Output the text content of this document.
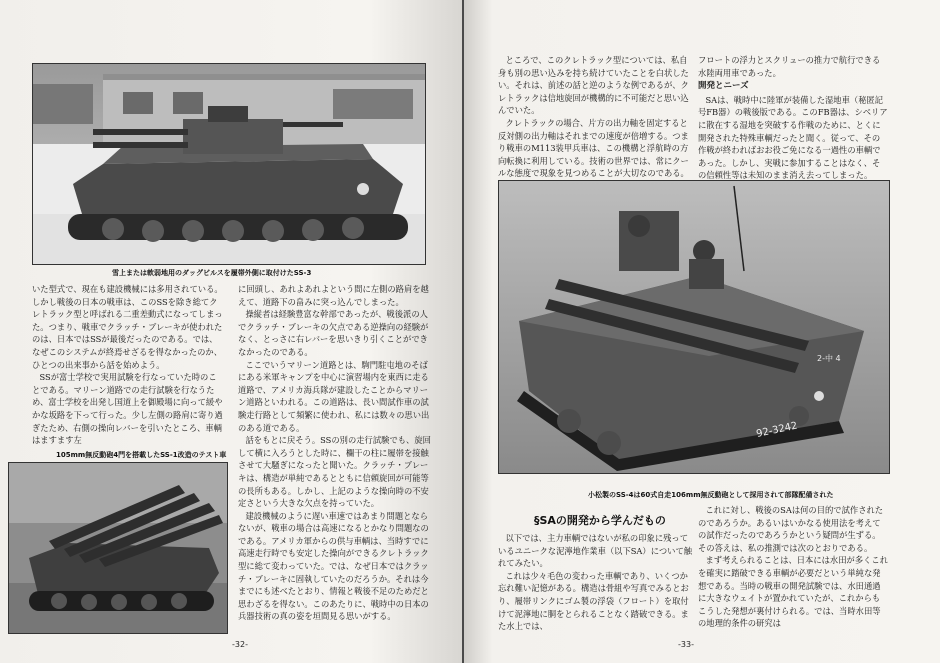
雪上または軟弱地用のダッグビルスを履帯外側に取付けたSS-3

いた型式で、現在も建設機械には多用されている。しかし戦後の日本の戦車は、このSSを除き総てクレトラック型と呼ばれる二重差動式になってしまった。つまり、戦車でクラッチ・ブレーキが使われたのは、日本ではSSが最後だったのである。では、なぜこのシステムが終焉せざるを得なかったのか、ひとつの出来事から話を始めよう。

SSが富士学校で実用試験を行なっていた時のことである。マリーン道路での走行試験を行なうため、富士学校を出発し国道上を御殿場に向って緩やかな坂路を下って行った。少し左側の路肩に寄り過ぎたため、右側の操向レバーを引いたところ、車輌はますます左

105mm無反動砲4門を搭載したSS-1改造のテスト車

に回頭し、あれよあれよという間に左側の路肩を越えて、道路下の畠みに突っ込んでしまった。

操縦者は経験豊富な幹部であったが、戦後派の人でクラッチ・ブレーキの欠点である逆操向の経験がなく、とっさに右レバーを思いきり引くことができなかったのである。

ここでいうマリーン道路とは、駒門駐屯地のそばにある米軍キャンプを中心に演習場内を東西に走る道路で、アメリカ海兵隊が建設したことからマリーン道路といわれる。この道路は、長い間試作車の試験走行路として頻繁に使われ、私には数々の思い出のある道である。

話をもとに戻そう。SSの別の走行試験でも、旋回して横に入ろうとした時に、欄干の柱に履帯を接触させて大騒ぎになったと聞いた。クラッチ・ブレーキは、構造が単純であるとともに信頼旋回が可能等の長所もある。しかし、上記のような操向時の不安定さという大きな欠点を持っていた。

建設機械のように遅い車速ではあまり問題とならないが、戦車の場合は高速になるとかなり問題なのである。アメリカ軍からの供与車輌は、当時すでに高速走行時でも安定した操向ができるクレトラック型に総て変わっていた。では、なぜ日本ではクラッチ・ブレーキに固執していたのだろうか。それは今までにも述べたとおり、情報と戦後不足のためだと思わざるを得ない。このあたりに、戦時中の日本の兵器技術の真の姿を垣間見る思いがする。

-32-

ところで、このクレトラック型については、私自身も別の思い込みを持ち続けていたことを白状したい。それは、前述の話と逆のような例であるが、クレトラックは信地旋回が機構的に不可能だと思い込んでいた。

クレトラックの場合、片方の出力軸を固定すると反対側の出力軸はそれまでの速度が倍増する。つまり戦車のM113装甲兵車は、この機構と浮航時の方向転換に利用している。技術の世界では、常にクールな態度で現象を見つめることが大切なのである。

フロートの浮力とスクリューの推力で航行できる水陸両用車であった。

開発とニーズ

SAは、戦時中に陸軍が装備した湿地車（秘匿記号FB器）の戦後版である。このFB器は、シベリアに散在する湿地を突破する作戦のために、とくに開発された特殊車輌だったと聞く。従って、その作戦が終わればおお役ご免になる一過性の車輌であった。しかし、実戦に参加することはなく、その信頼性等は未知のまま消え去ってしまった。

92-3242
2-中 4
小松製のSS-4は60式自走106mm無反動砲として採用されて部隊配備された
§SAの開発から学んだもの

以下では、主力車輌ではないが私の印象に残っているユニークな泥濘地作業車（以下SA）について触れてみたい。

これは少々毛色の変わった車輌であり、いくつか忘れ難い記憶がある。構造は骨組や写真でみるとおり、履帯リンクにゴム製の浮袋（フロート）を取付けて泥濘地に胴をとられることなく踏破できる。また水上では、

これに対し、戦後のSAは何の目的で試作されたのであろうか。あるいはいかなる使用法を考えての試作だったのであろうかという疑問が生ずる。その答えは、私の推測では次のとおりである。

まず考えられることは、日本には水田が多くこれを確実に踏破できる車輌が必要だという単純な発想である。当時の戦車の開発試験では、水田通過に大きなウェイトが置かれていたが、これからもこうした発想が裏付けられる。では、当時水田等の地理的条件の研究は

-33-
